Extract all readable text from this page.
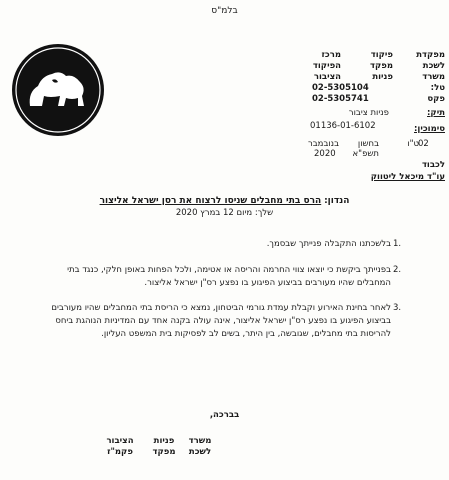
בלמ"ס
מפקדת
לשכת
משרד
טל:
פקס
פיקוד
מפקד
פניות
מרכז
הפיקוד
הציבור
02-5305104
02-5305741
פניות ציבור	תיק:
סימוכין:
01136-01-6102
ט"ו
בחשון
תשפ"א
02
בנובמבר
2020
לכבוד
עו"ד מיכאל ליטווק
הנדון: הרס בתי מחבלים שניסו לרצוח את רסן ישראל אליצור
שלך: מיום 12 במרץ 2020
.1
בלשכתנו התקבלה פנייתך שבסמך.
.2
בפנייתך ביקשת כי יוצאו צווי החרמה והריסה או אטימה, ולכל הפחות באופן חלקי, כנגד בתי המחבלים שהיו מעורבים בביצוע הפיגוע בו נפצע רס"ן ישראל אליצור.
.3
לאחר בחינת האירוע וקבלת עמדת גורמי הביטחון, נמצא כי הריסת בתי המחבלים שהיו מעורבים בביצוע הפיגוע בו נפצע רס"ן ישראל אליצור, אינה עולה בקנה אחד עם המדיניות הנוהגת ביחס להריסות בתי מחבלים, שגובשה, בין היתר, בשים לב לפסיקות בית המשפט העליון.
בברכה,
משרד
לשכת
פניות
מפקד
הציבור
פקמ"ז
